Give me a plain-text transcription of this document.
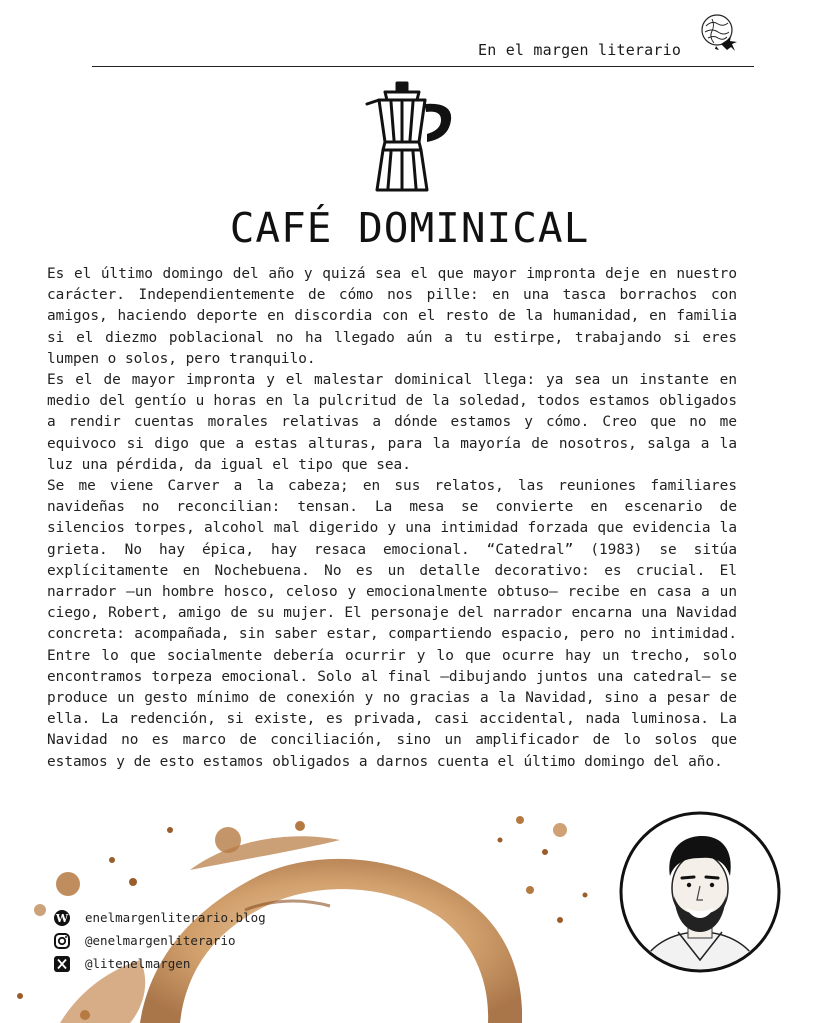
En el margen literario
CAFÉ DOMINICAL

Es el último domingo del año y quizá sea el que mayor impronta deje en nuestro carácter. Independientemente de cómo nos pille: en una tasca borrachos con amigos, haciendo deporte en discordia con el resto de la humanidad, en familia si el diezmo poblacional no ha llegado aún a tu estirpe, trabajando si eres lumpen o solos, pero tranquilo.

Es el de mayor impronta y el malestar dominical llega: ya sea un instante en medio del gentío u horas en la pulcritud de la soledad, todos estamos obligados a rendir cuentas morales relativas a dónde estamos y cómo. Creo que no me equivoco si digo que a estas alturas, para la mayoría de nosotros, salga a la luz una pérdida, da igual el tipo que sea.

Se me viene Carver a la cabeza; en sus relatos, las reuniones familiares navideñas no reconcilian: tensan. La mesa se convierte en escenario de silencios torpes, alcohol mal digerido y una intimidad forzada que evidencia la grieta. No hay épica, hay resaca emocional. “Catedral” (1983) se sitúa explícitamente en Nochebuena. No es un detalle decorativo: es crucial. El narrador —un hombre hosco, celoso y emocionalmente obtuso— recibe en casa a un ciego, Robert, amigo de su mujer. El personaje del narrador encarna una Navidad concreta: acompañada, sin saber estar, compartiendo espacio, pero no intimidad. Entre lo que socialmente debería ocurrir y lo que ocurre hay un trecho, solo encontramos torpeza emocional. Solo al final —dibujando juntos una catedral— se produce un gesto mínimo de conexión y no gracias a la Navidad, sino a pesar de ella. La redención, si existe, es privada, casi accidental, nada luminosa. La Navidad no es marco de conciliación, sino un amplificador de lo solos que estamos y de esto estamos obligados a darnos cuenta el último domingo del año.

W enelmargenliterario.blog
@enelmargenliterario
@litenelmargen
